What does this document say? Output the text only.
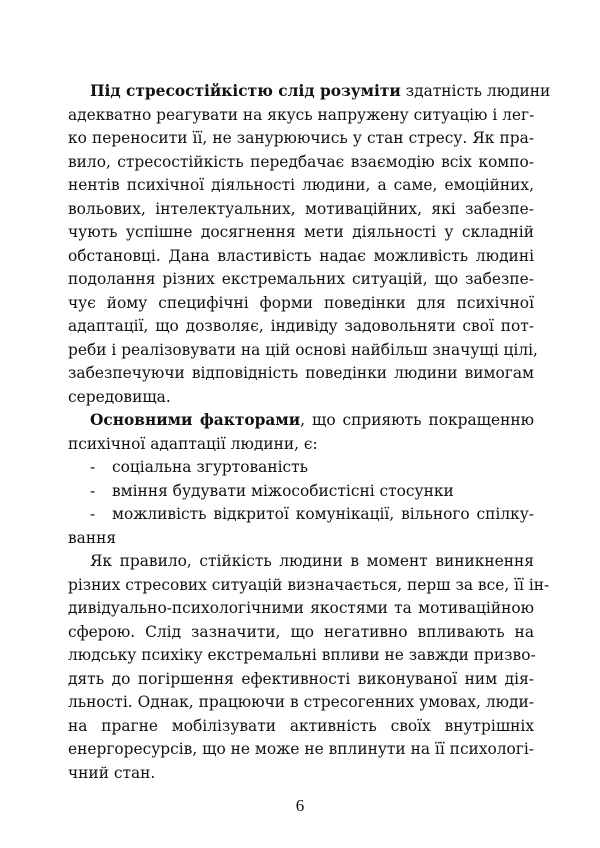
Під стресостійкістю слід розуміти здатність людини
адекватно реагувати на якусь напружену ситуацію і лег-
ко переносити її, не занурюючись у стан стресу. Як пра-
вило, стресостійкість передбачає взаємодію всіх компо-
нентів психічної діяльності людини, а саме, емоційних,
вольових, інтелектуальних, мотиваційних, які забезпе-
чують успішне досягнення мети діяльності у складній
обстановці. Дана властивість надає можливість людині
подолання різних екстремальних ситуацій, що забезпе-
чує йому специфічні форми поведінки для психічної
адаптації, що дозволяє, індивіду задовольняти свої пот-
реби і реалізовувати на цій основі найбільш значущі цілі,
забезпечуючи відповідність поведінки людини вимогам
середовища.
Основними факторами, що сприяють покращенню
психічної адаптації людини, є:
- соціальна згуртованість
- вміння будувати міжособистісні стосунки
- можливість відкритої комунікації, вільного спілку-
вання
Як правило, стійкість людини в момент виникнення
різних стресових ситуацій визначається, перш за все, її ін-
дивідуально-психологічними якостями та мотиваційною
сферою. Слід зазначити, що негативно впливають на
людську психіку екстремальні впливи не завжди призво-
дять до погіршення ефективності виконуваної ним дія-
льності. Однак, працюючи в стресогенних умовах, люди-
на прагне мобілізувати активність своїх внутрішніх
енергоресурсів, що не може не вплинути на її психологі-
чний стан.
6
